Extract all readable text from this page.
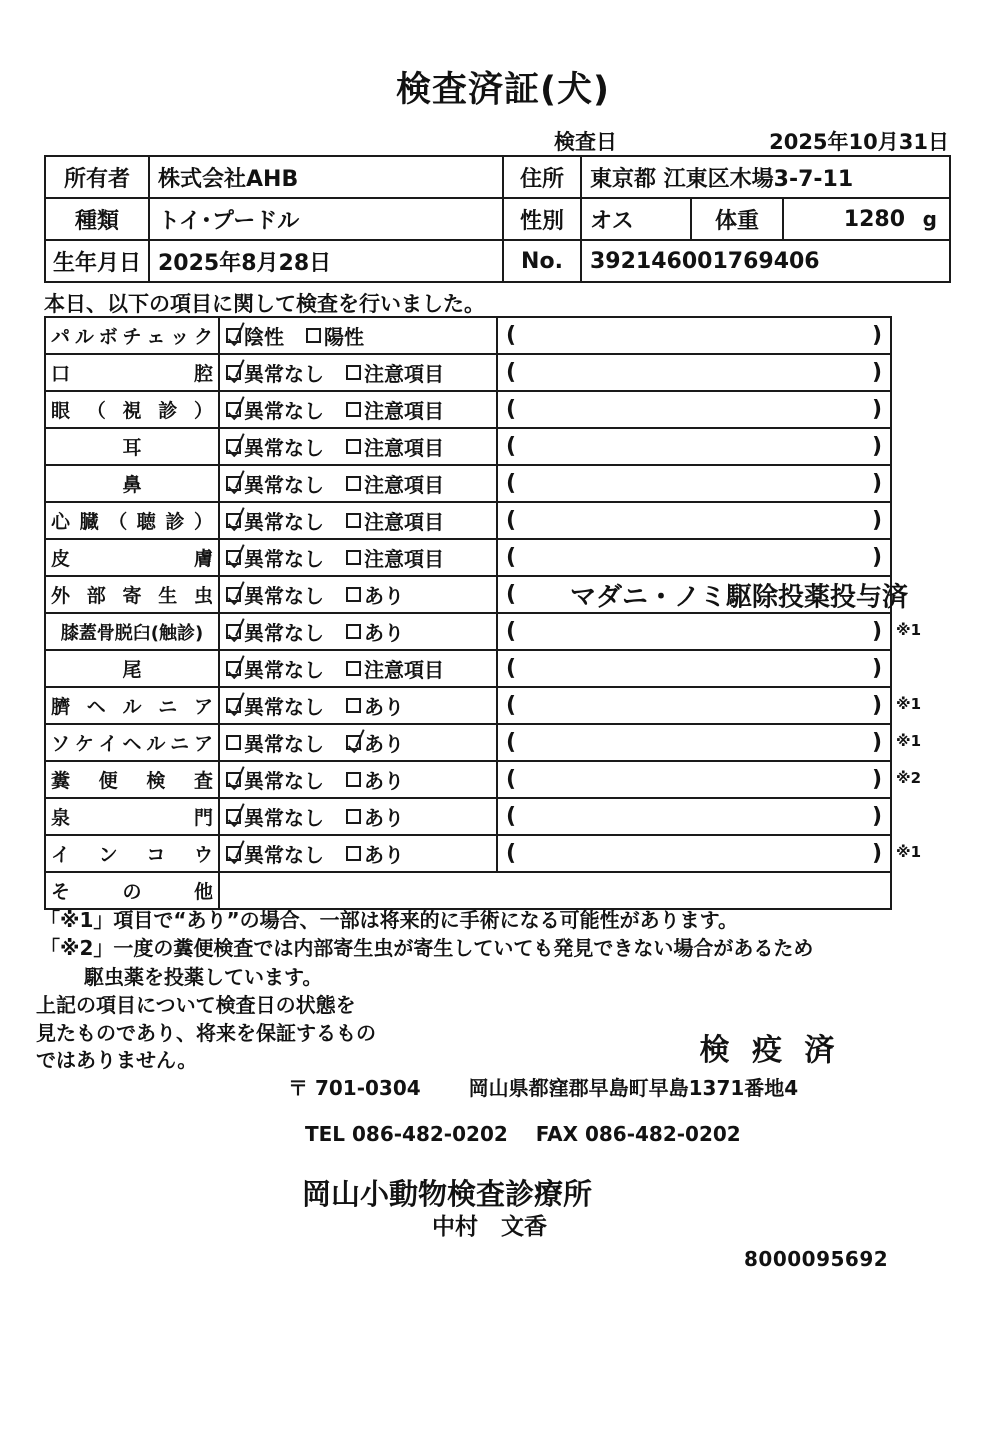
検査済証(犬)
検査日	2025年10月31日
所有者	株式会社AHB	住所	東京都 江東区木場3-7-11		
種類	トイ･プードル	性別	オス	体重	1280 g

生年月日	2025年8月28日	No.	392146001769406		
本日、以下の項目に関して検査を行いました。
パ ル ボ チ ェ ッ ク	陰性 陽性	(	)

口 腔	異常なし 注意項目	( )

眼 （ 視 診 ）	異常なし 注意項目	( )

耳	異常なし 注意項目	( )

鼻	異常なし 注意項目	( )

心 臓 （ 聴 診 ）	異常なし 注意項目	(	)

皮 膚	異常なし 注意項目	( )

外 部 寄 生 虫	異常なし あり	( マダニ・ノミ駆除投薬投与済

膝蓋骨脱臼(触診)	異常なし あり	( )

尾	異常なし 注意項目	( )

臍 ヘ ル ニ ア	異常なし あり	( )

ソ ケ イ ヘ ル ニ ア	異常なし あり	(	)

糞 便 検 査	異常なし あり	( )

泉 門	異常なし あり	( )

イ ン コ ウ	異常なし あり	( )

そ の 他		

※1
※1
※1
※2
※1
「※1」項目で“あり”の場合、一部は将来的に手術になる可能性があります。
「※2」一度の糞便検査では内部寄生虫が寄生していても発見できない場合があるため
駆虫薬を投薬しています。
上記の項目について検査日の状態を
見たものであり、将来を保証するもの
ではありません。	検 疫 済
〒 701-0304 岡山県都窪郡早島町早島1371番地4
TEL 086-482-0202 FAX 086-482-0202
岡山小動物検査診療所
中村　文香
8000095692
